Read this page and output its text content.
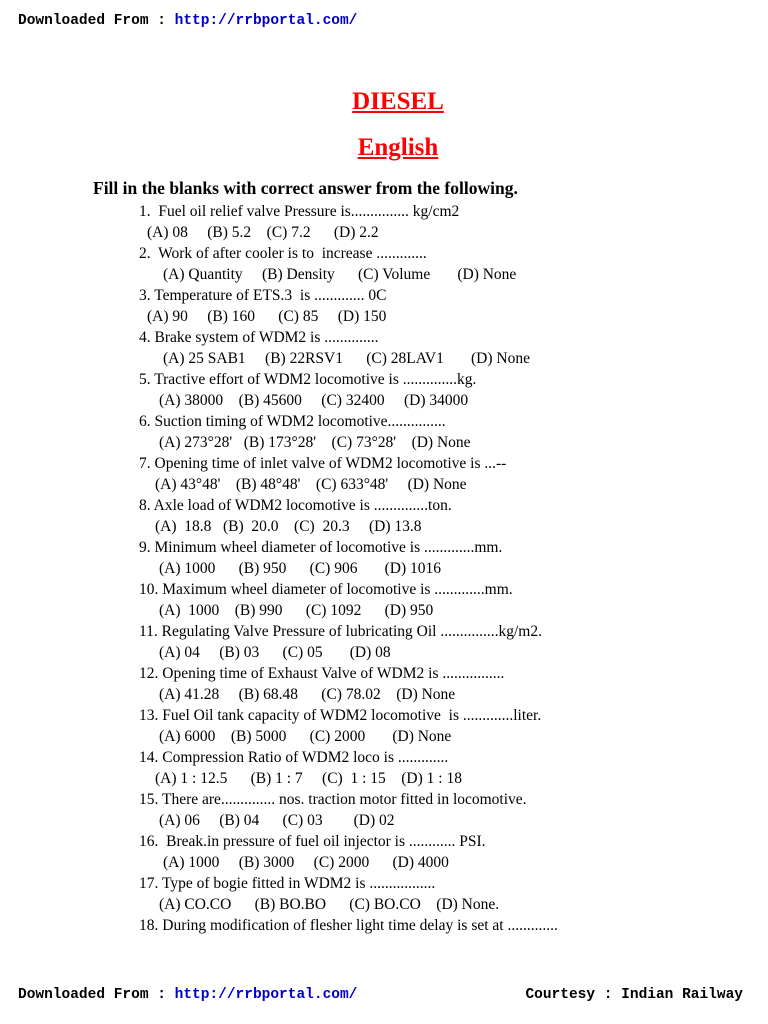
Downloaded From : http://rrbportal.com/
DIESEL
English
Fill in the blanks with correct answer from the following.
1.  Fuel oil relief valve Pressure is............... kg/cm2
(A) 08     (B) 5.2    (C) 7.2      (D) 2.2
2.  Work of after cooler is to  increase .............
(A) Quantity     (B) Density      (C) Volume       (D) None
3. Temperature of ETS.3  is ............. 0C
(A) 90     (B) 160      (C) 85     (D) 150
4. Brake system of WDM2 is ..............
(A) 25 SAB1     (B) 22RSV1      (C) 28LAV1       (D) None
5. Tractive effort of WDM2 locomotive is ..............kg.
(A) 38000    (B) 45600     (C) 32400     (D) 34000
6. Suction timing of WDM2 locomotive...............
(A) 273°28'   (B) 173°28'    (C) 73°28'    (D) None
7. Opening time of inlet valve of WDM2 locomotive is ...--
(A) 43°48'    (B) 48°48'    (C) 633°48'     (D) None
8. Axle load of WDM2 locomotive is ..............ton.
(A)  18.8   (B)  20.0    (C)  20.3     (D) 13.8
9. Minimum wheel diameter of locomotive is .............mm.
(A) 1000      (B) 950      (C) 906       (D) 1016
10. Maximum wheel diameter of locomotive is .............mm.
(A)  1000    (B) 990      (C) 1092      (D) 950
11. Regulating Valve Pressure of lubricating Oil ...............kg/m2.
(A) 04     (B) 03      (C) 05       (D) 08
12. Opening time of Exhaust Valve of WDM2 is ................
(A) 41.28     (B) 68.48      (C) 78.02    (D) None
13. Fuel Oil tank capacity of WDM2 locomotive  is .............liter.
(A) 6000    (B) 5000      (C) 2000       (D) None
14. Compression Ratio of WDM2 loco is .............
(A) 1 : 12.5      (B) 1 : 7     (C)  1 : 15    (D) 1 : 18
15. There are.............. nos. traction motor fitted in locomotive.
(A) 06     (B) 04      (C) 03        (D) 02
16.  Break.in pressure of fuel oil injector is ............ PSI.
(A) 1000     (B) 3000     (C) 2000      (D) 4000
17. Type of bogie fitted in WDM2 is .................
(A) CO.CO      (B) BO.BO      (C) BO.CO    (D) None.
18. During modification of flesher light time delay is set at .............
Downloaded From : http://rrbportal.com/	Courtesy : Indian Railway
